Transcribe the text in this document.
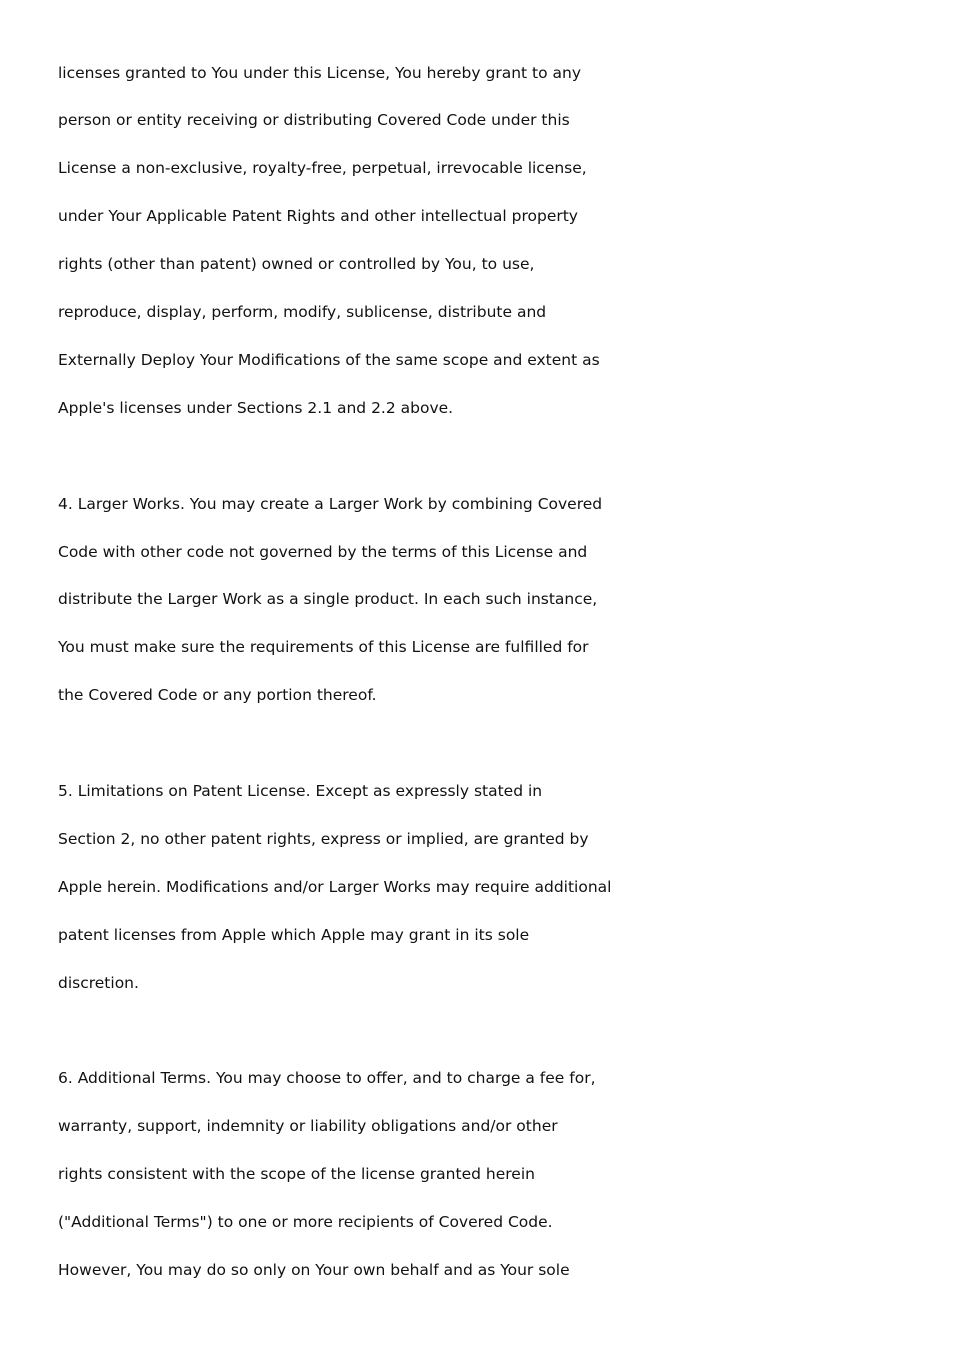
licenses granted to You under this License, You hereby grant to any
person or entity receiving or distributing Covered Code under this
License a non-exclusive, royalty-free, perpetual, irrevocable license,
under Your Applicable Patent Rights and other intellectual property
rights (other than patent) owned or controlled by You, to use,
reproduce, display, perform, modify, sublicense, distribute and
Externally Deploy Your Modifications of the same scope and extent as
Apple's licenses under Sections 2.1 and 2.2 above.
4. Larger Works. You may create a Larger Work by combining Covered
Code with other code not governed by the terms of this License and
distribute the Larger Work as a single product. In each such instance,
You must make sure the requirements of this License are fulfilled for
the Covered Code or any portion thereof.
5. Limitations on Patent License. Except as expressly stated in
Section 2, no other patent rights, express or implied, are granted by
Apple herein. Modifications and/or Larger Works may require additional
patent licenses from Apple which Apple may grant in its sole
discretion.
6. Additional Terms. You may choose to offer, and to charge a fee for,
warranty, support, indemnity or liability obligations and/or other
rights consistent with the scope of the license granted herein
("Additional Terms") to one or more recipients of Covered Code.
However, You may do so only on Your own behalf and as Your sole
